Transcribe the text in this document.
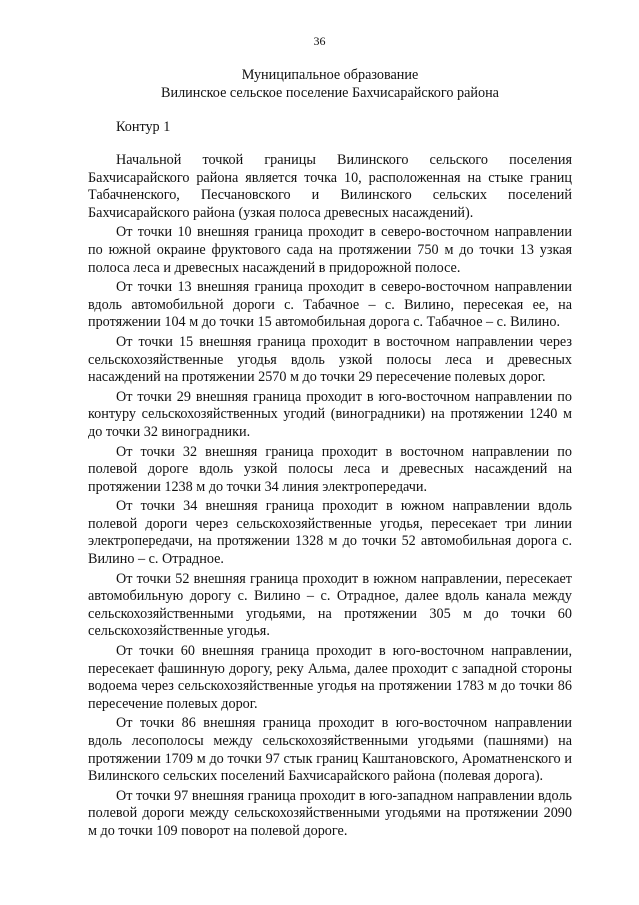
36
Муниципальное образование
Вилинское сельское поселение Бахчисарайского района
Контур 1

Начальной точкой границы Вилинского сельского поселения Бахчисарайского района является точка 10, расположенная на стыке границ Табачненского, Песчановского и Вилинского сельских поселений Бахчисарайского района (узкая полоса древесных насаждений).

От точки 10 внешняя граница проходит в северо-восточном направлении по южной окраине фруктового сада на протяжении 750 м до точки 13 узкая полоса леса и древесных насаждений в придорожной полосе.

От точки 13 внешняя граница проходит в северо-восточном направлении вдоль автомобильной дороги с. Табачное – с. Вилино, пересекая ее, на протяжении 104 м до точки 15 автомобильная дорога с. Табачное – с. Вилино.

От точки 15 внешняя граница проходит в восточном направлении через сельскохозяйственные угодья вдоль узкой полосы леса и древесных насаждений на протяжении 2570 м до точки 29 пересечение полевых дорог.

От точки 29 внешняя граница проходит в юго-восточном направлении по контуру сельскохозяйственных угодий (виноградники) на протяжении 1240 м до точки 32 виноградники.

От точки 32 внешняя граница проходит в восточном направлении по полевой дороге вдоль узкой полосы леса и древесных насаждений на протяжении 1238 м до точки 34 линия электропередачи.

От точки 34 внешняя граница проходит в южном направлении вдоль полевой дороги через сельскохозяйственные угодья, пересекает три линии электропередачи, на протяжении 1328 м до точки 52 автомобильная дорога с. Вилино – с. Отрадное.

От точки 52 внешняя граница проходит в южном направлении, пересекает автомобильную дорогу с. Вилино – с. Отрадное, далее вдоль канала между сельскохозяйственными угодьями, на протяжении 305 м до точки 60 сельскохозяйственные угодья.

От точки 60 внешняя граница проходит в юго-восточном направлении, пересекает фашинную дорогу, реку Альма, далее проходит с западной стороны водоема через сельскохозяйственные угодья на протяжении 1783 м до точки 86 пересечение полевых дорог.

От точки 86 внешняя граница проходит в юго-восточном направлении вдоль лесополосы между сельскохозяйственными угодьями (пашнями) на протяжении 1709 м до точки 97 стык границ Каштановского, Ароматненского и Вилинского сельских поселений Бахчисарайского района (полевая дорога).

От точки 97 внешняя граница проходит в юго-западном направлении вдоль полевой дороги между сельскохозяйственными угодьями на протяжении 2090 м до точки 109 поворот на полевой дороге.
